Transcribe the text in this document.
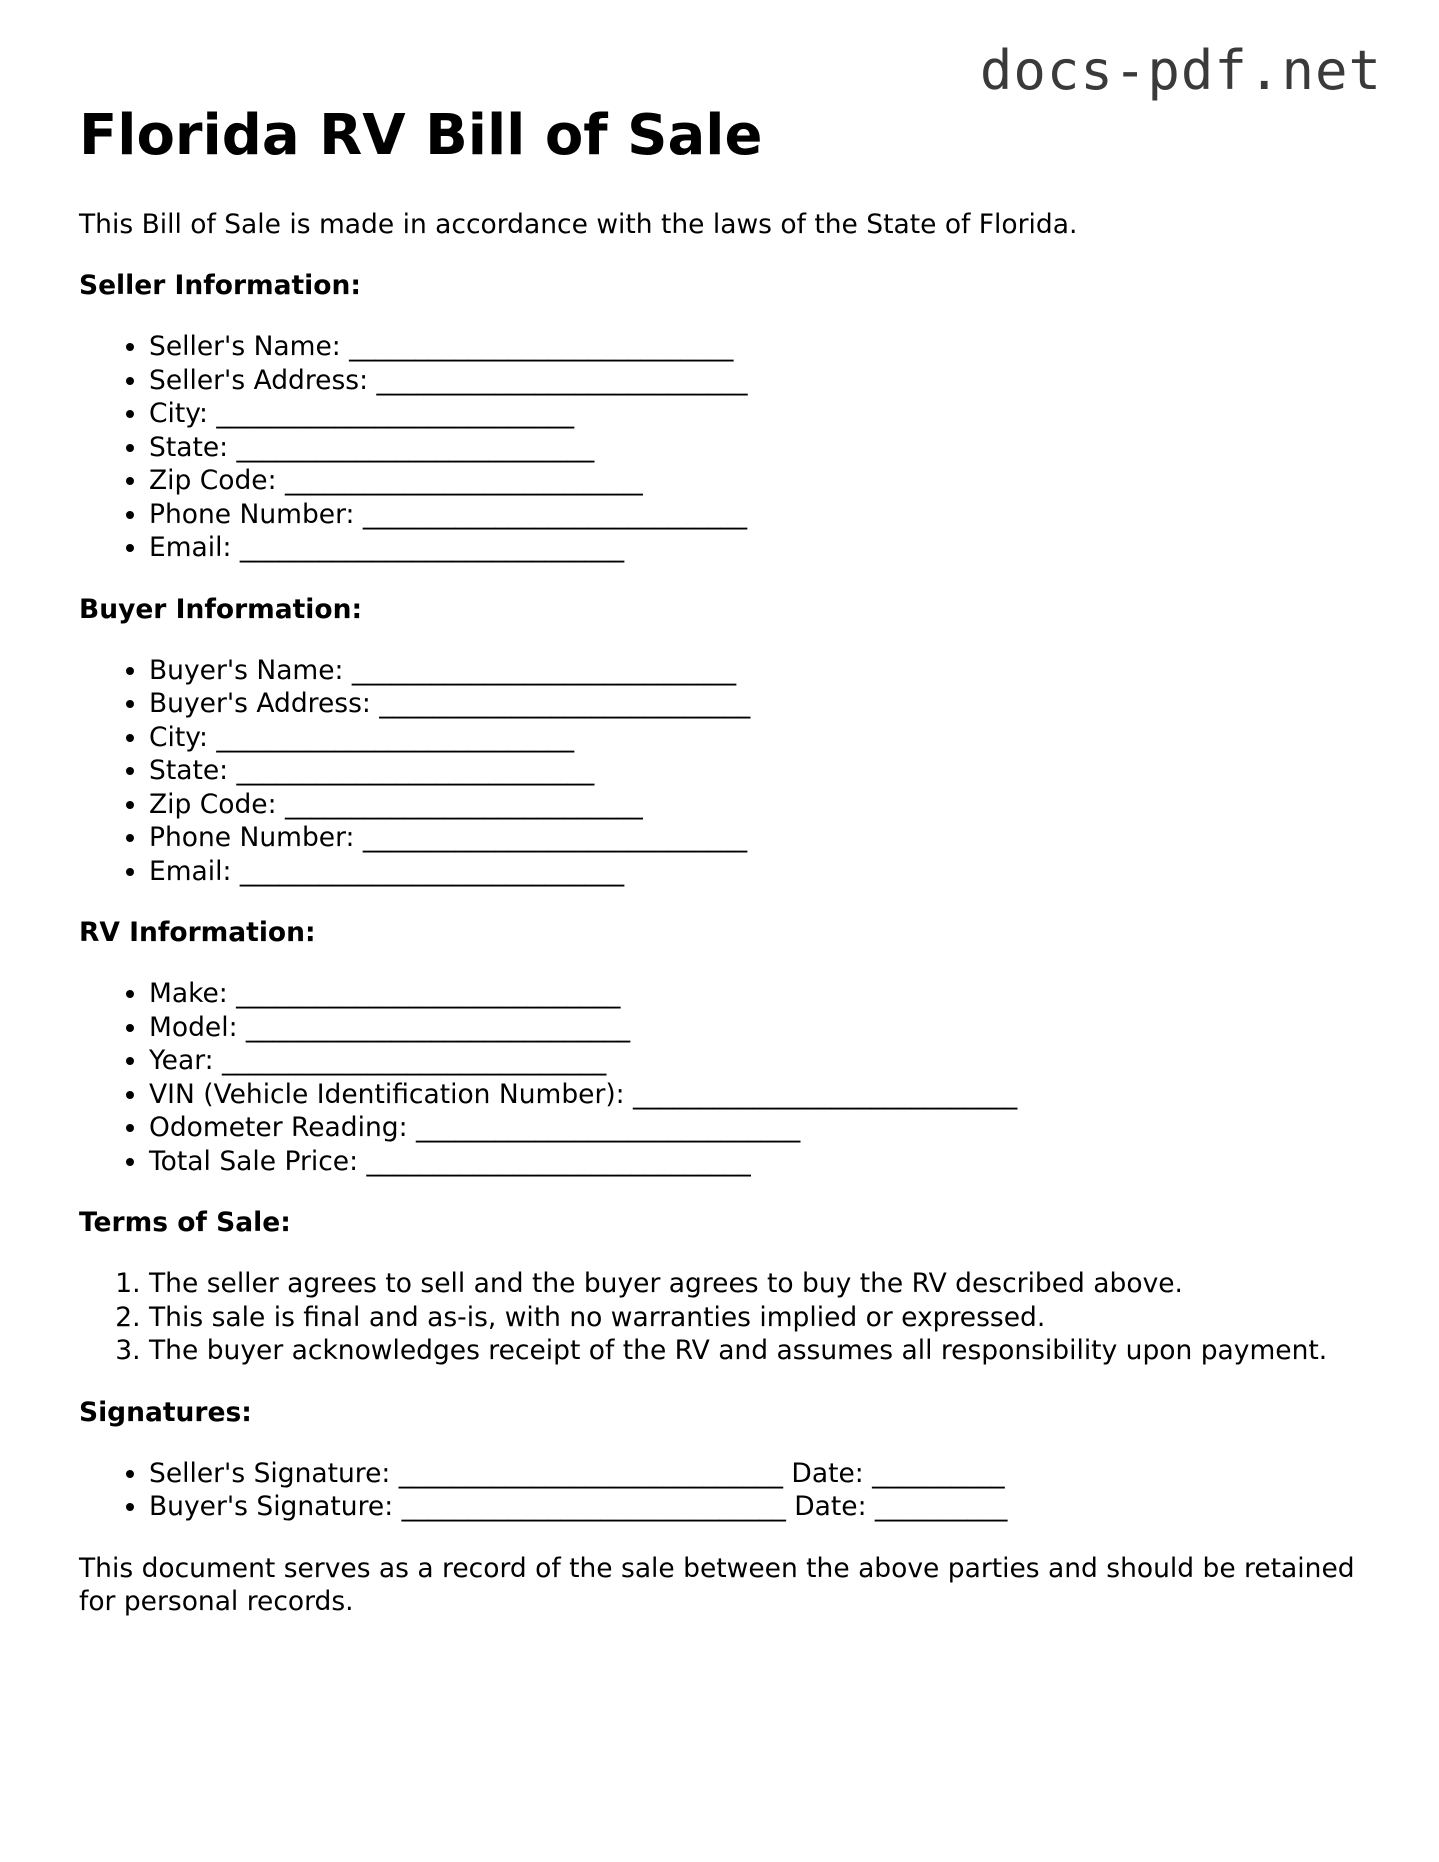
docs-pdf.net
Florida RV Bill of Sale

This Bill of Sale is made in accordance with the laws of the State of Florida.

Seller Information:
• Seller's Name: _____________________________
• Seller's Address: ____________________________
• City: ___________________________
• State: ___________________________
• Zip Code: ___________________________
• Phone Number: _____________________________
• Email: _____________________________
Buyer Information:
• Buyer's Name: _____________________________
• Buyer's Address: ____________________________
• City: ___________________________
• State: ___________________________
• Zip Code: ___________________________
• Phone Number: _____________________________
• Email: _____________________________
RV Information:
• Make: _____________________________
• Model: _____________________________
• Year: _____________________________
• VIN (Vehicle Identification Number): _____________________________
• Odometer Reading: _____________________________
• Total Sale Price: _____________________________
Terms of Sale:
1. The seller agrees to sell and the buyer agrees to buy the RV described above.
2. This sale is final and as-is, with no warranties implied or expressed.
3. The buyer acknowledges receipt of the RV and assumes all responsibility upon payment.
Signatures:
• Seller's Signature: _____________________________ Date: __________
• Buyer's Signature: _____________________________ Date: __________

This document serves as a record of the sale between the above parties and should be retained for personal records.
